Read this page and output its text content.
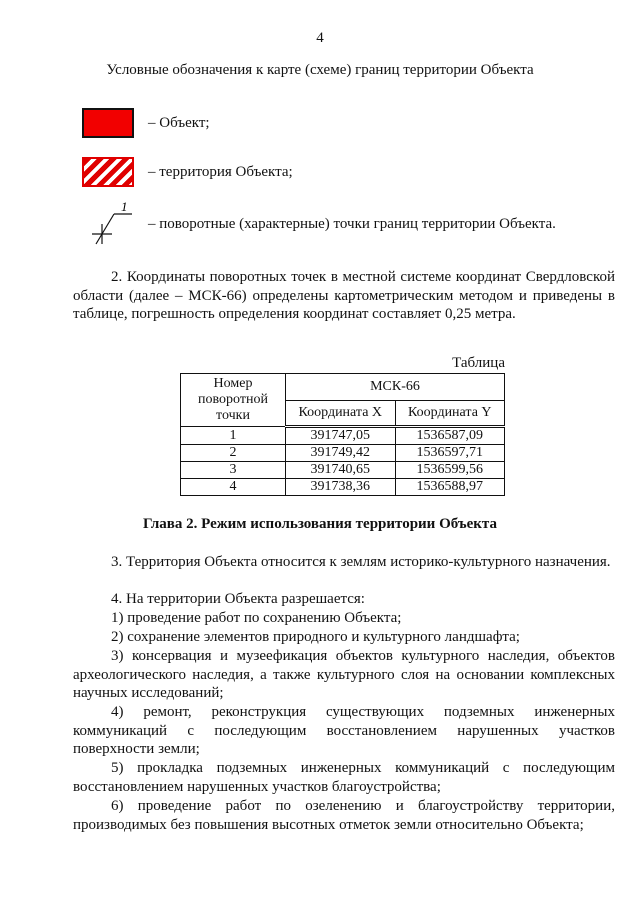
4
Условные обозначения к карте (схеме) границ территории Объекта
– Объект;
– территория Объекта;
1
– поворотные (характерные) точки границ территории Объекта.
2. Координаты поворотных точек в местной системе координат Свердловской области (далее – МСК-66) определены картометрическим методом и приведены в таблице, погрешность определения координат составляет 0,25 метра.
Таблица
Номер поворотной точки	МСК-66	
	Координата X	Координата Y
1	391747,05	1536587,09
2	391749,42	1536597,71
3	391740,65	1536599,56
4	391738,36	1536588,97
Глава 2. Режим использования территории Объекта
3. Территория Объекта относится к землям историко-культурного назначения.
4. На территории Объекта разрешается:
1) проведение работ по сохранению Объекта;
2) сохранение элементов природного и культурного ландшафта;
3) консервация и музеефикация объектов культурного наследия, объектов археологического наследия, а также культурного слоя на основании комплексных научных исследований;
4) ремонт, реконструкция существующих подземных инженерных коммуникаций с последующим восстановлением нарушенных участков поверхности земли;
5) прокладка подземных инженерных коммуникаций с последующим восстановлением нарушенных участков благоустройства;
6) проведение работ по озеленению и благоустройству территории, производимых без повышения высотных отметок земли относительно Объекта;
